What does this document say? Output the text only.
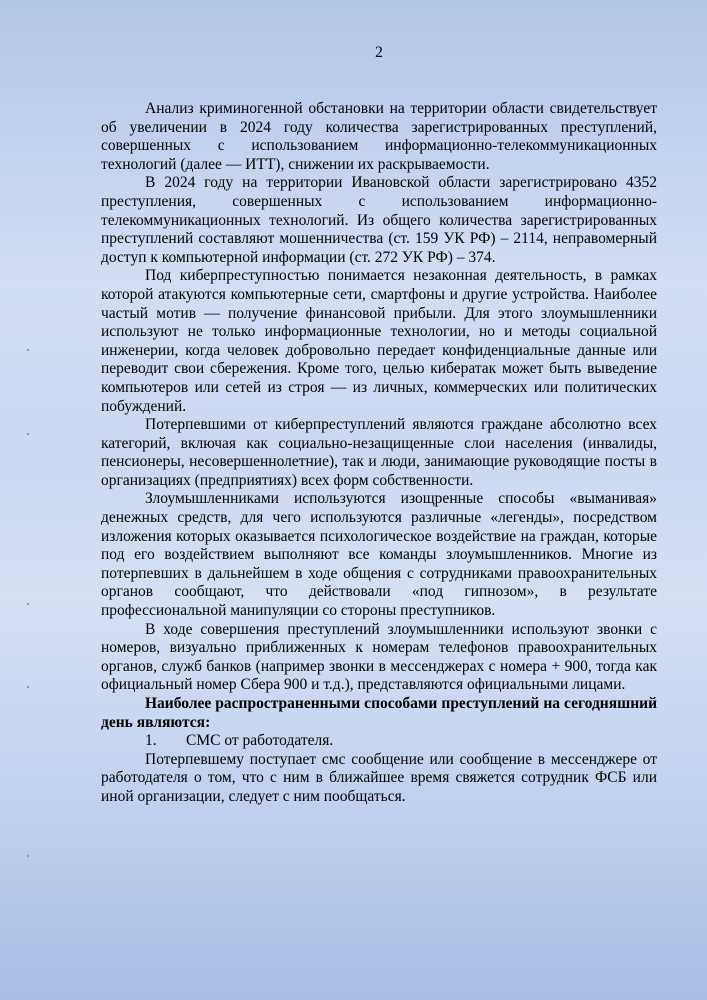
2

Анализ криминогенной обстановки на территории области свидетельствует об увеличении в 2024 году количества зарегистрированных преступлений, совершенных с использованием информационно-телекоммуникационных технологий (далее — ИТТ), снижении их раскрываемости.

В 2024 году на территории Ивановской области зарегистрировано 4352 преступления, совершенных с использованием информационно-телекоммуникационных технологий. Из общего количества зарегистрированных преступлений составляют мошенничества (ст. 159 УК РФ) – 2114, неправомерный доступ к компьютерной информации (ст. 272 УК РФ) – 374.

Под киберпреступностью понимается незаконная деятельность, в рамках которой атакуются компьютерные сети, смартфоны и другие устройства. Наиболее частый мотив — получение финансовой прибыли. Для этого злоумышленники используют не только информационные технологии, но и методы социальной инженерии, когда человек добровольно передает конфиденциальные данные или переводит свои сбережения. Кроме того, целью кибератак может быть выведение компьютеров или сетей из строя — из личных, коммерческих или политических побуждений.

Потерпевшими от киберпреступлений являются граждане абсолютно всех категорий, включая как социально-незащищенные слои населения (инвалиды, пенсионеры, несовершеннолетние), так и люди, занимающие руководящие посты в организациях (предприятиях) всех форм собственности.

Злоумышленниками используются изощренные способы «выманивая» денежных средств, для чего используются различные «легенды», посредством изложения которых оказывается психологическое воздействие на граждан, которые под его воздействием выполняют все команды злоумышленников. Многие из потерпевших в дальнейшем в ходе общения с сотрудниками правоохранительных органов сообщают, что действовали «под гипнозом», в результате профессиональной манипуляции со стороны преступников.

В ходе совершения преступлений злоумышленники используют звонки с номеров, визуально приближенных к номерам телефонов правоохранительных органов, служб банков (например звонки в мессенджерах с номера + 900, тогда как официальный номер Сбера 900 и т.д.), представляются официальными лицами.

Наиболее распространенными способами преступлений на сегодняшний день являются:

1.	СМС от работодателя.

Потерпевшему поступает смс сообщение или сообщение в мессенджере от работодателя о том, что с ним в ближайшее время свяжется сотрудник ФСБ или иной организации, следует с ним пообщаться.
